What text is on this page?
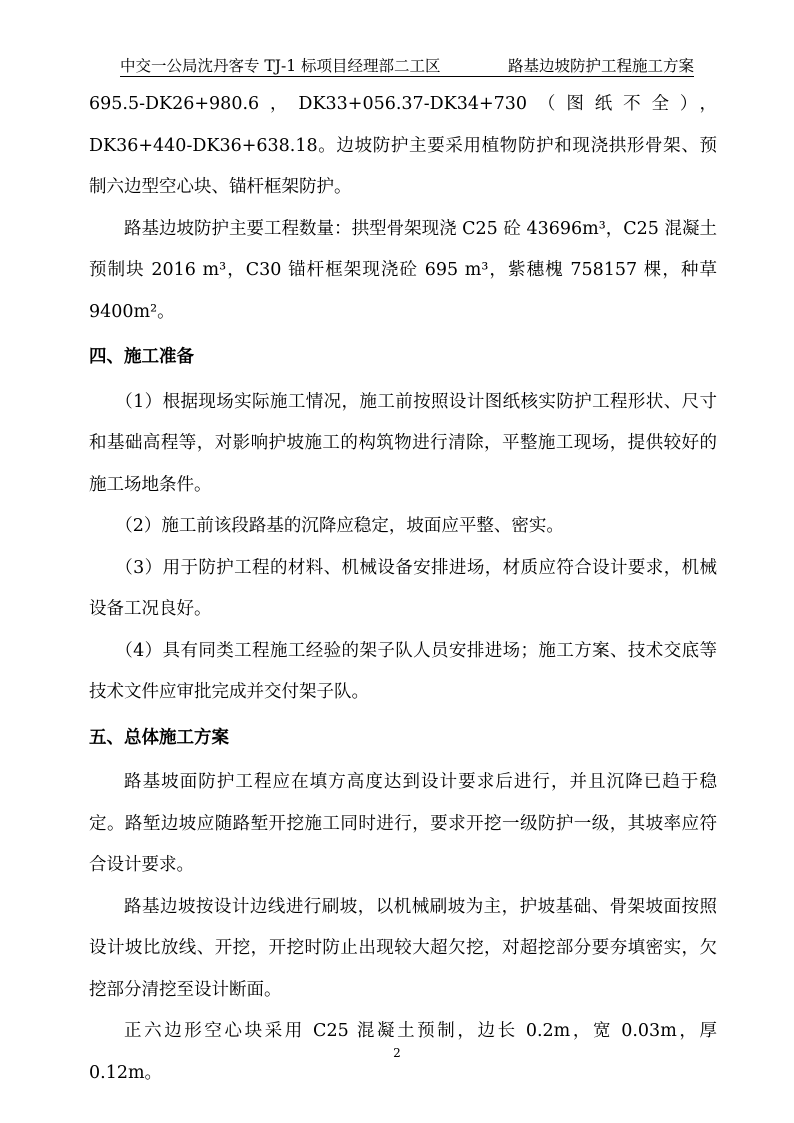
中交一公局沈丹客专 TJ-1 标项目经理部二工区	路基边坡防护工程施工方案

695.5-DK26+980.6，DK33+056.37-DK34+730（图纸不全），DK36+440-DK36+638.18。边坡防护主要采用植物防护和现浇拱形骨架、预制六边型空心块、锚杆框架防护。

路基边坡防护主要工程数量：拱型骨架现浇 C25 砼 43696m³，C25 混凝土预制块 2016 m³，C30 锚杆框架现浇砼 695 m³，紫穗槐 758157 棵，种草 9400m²。

四、施工准备

（1）根据现场实际施工情况，施工前按照设计图纸核实防护工程形状、尺寸和基础高程等，对影响护坡施工的构筑物进行清除，平整施工现场，提供较好的施工场地条件。

（2）施工前该段路基的沉降应稳定，坡面应平整、密实。

（3）用于防护工程的材料、机械设备安排进场，材质应符合设计要求，机械设备工况良好。

（4）具有同类工程施工经验的架子队人员安排进场；施工方案、技术交底等技术文件应审批完成并交付架子队。

五、总体施工方案

路基坡面防护工程应在填方高度达到设计要求后进行，并且沉降已趋于稳定。路堑边坡应随路堑开挖施工同时进行，要求开挖一级防护一级，其坡率应符合设计要求。

路基边坡按设计边线进行刷坡，以机械刷坡为主，护坡基础、骨架坡面按照设计坡比放线、开挖，开挖时防止出现较大超欠挖，对超挖部分要夯填密实，欠挖部分清挖至设计断面。

正六边形空心块采用 C25 混凝土预制，边长 0.2m，宽 0.03m，厚 0.12m。

2
